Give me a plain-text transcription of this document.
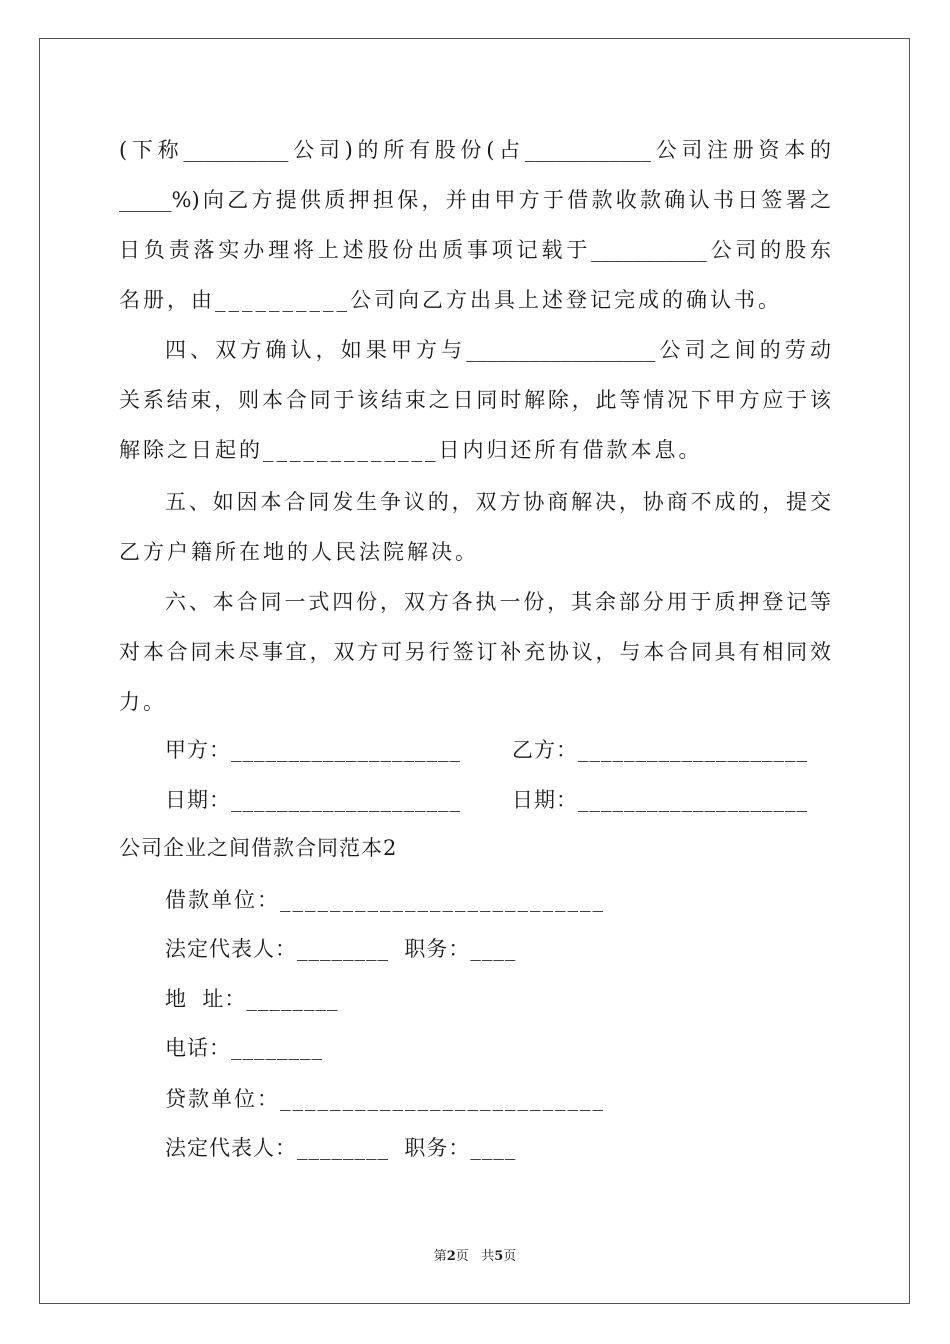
(下称__________公司)的所有股份(占____________公司注册资本的
_____%)向乙方提供质押担保，并由甲方于借款收款确认书日签署之
日负责落实办理将上述股份出质事项记载于___________公司的股东
名册，由__________公司向乙方出具上述登记完成的确认书。
四、双方确认，如果甲方与__________________公司之间的劳动
关系结束，则本合同于该结束之日同时解除，此等情况下甲方应于该
解除之日起的_____________日内归还所有借款本息。
五、如因本合同发生争议的，双方协商解决，协商不成的，提交
乙方户籍所在地的人民法院解决。
六、本合同一式四份，双方各执一份，其余部分用于质押登记等
对本合同未尽事宜，双方可另行签订补充协议，与本合同具有相同效
力。
甲方：____________________ 乙方：____________________
日期：____________________ 日期：____________________
公司企业之间借款合同范本2
借款单位：__________________________
法定代表人：________  职务：____
地  址：________
电话：________
贷款单位：__________________________
法定代表人：________  职务：____
第2页   共5页
